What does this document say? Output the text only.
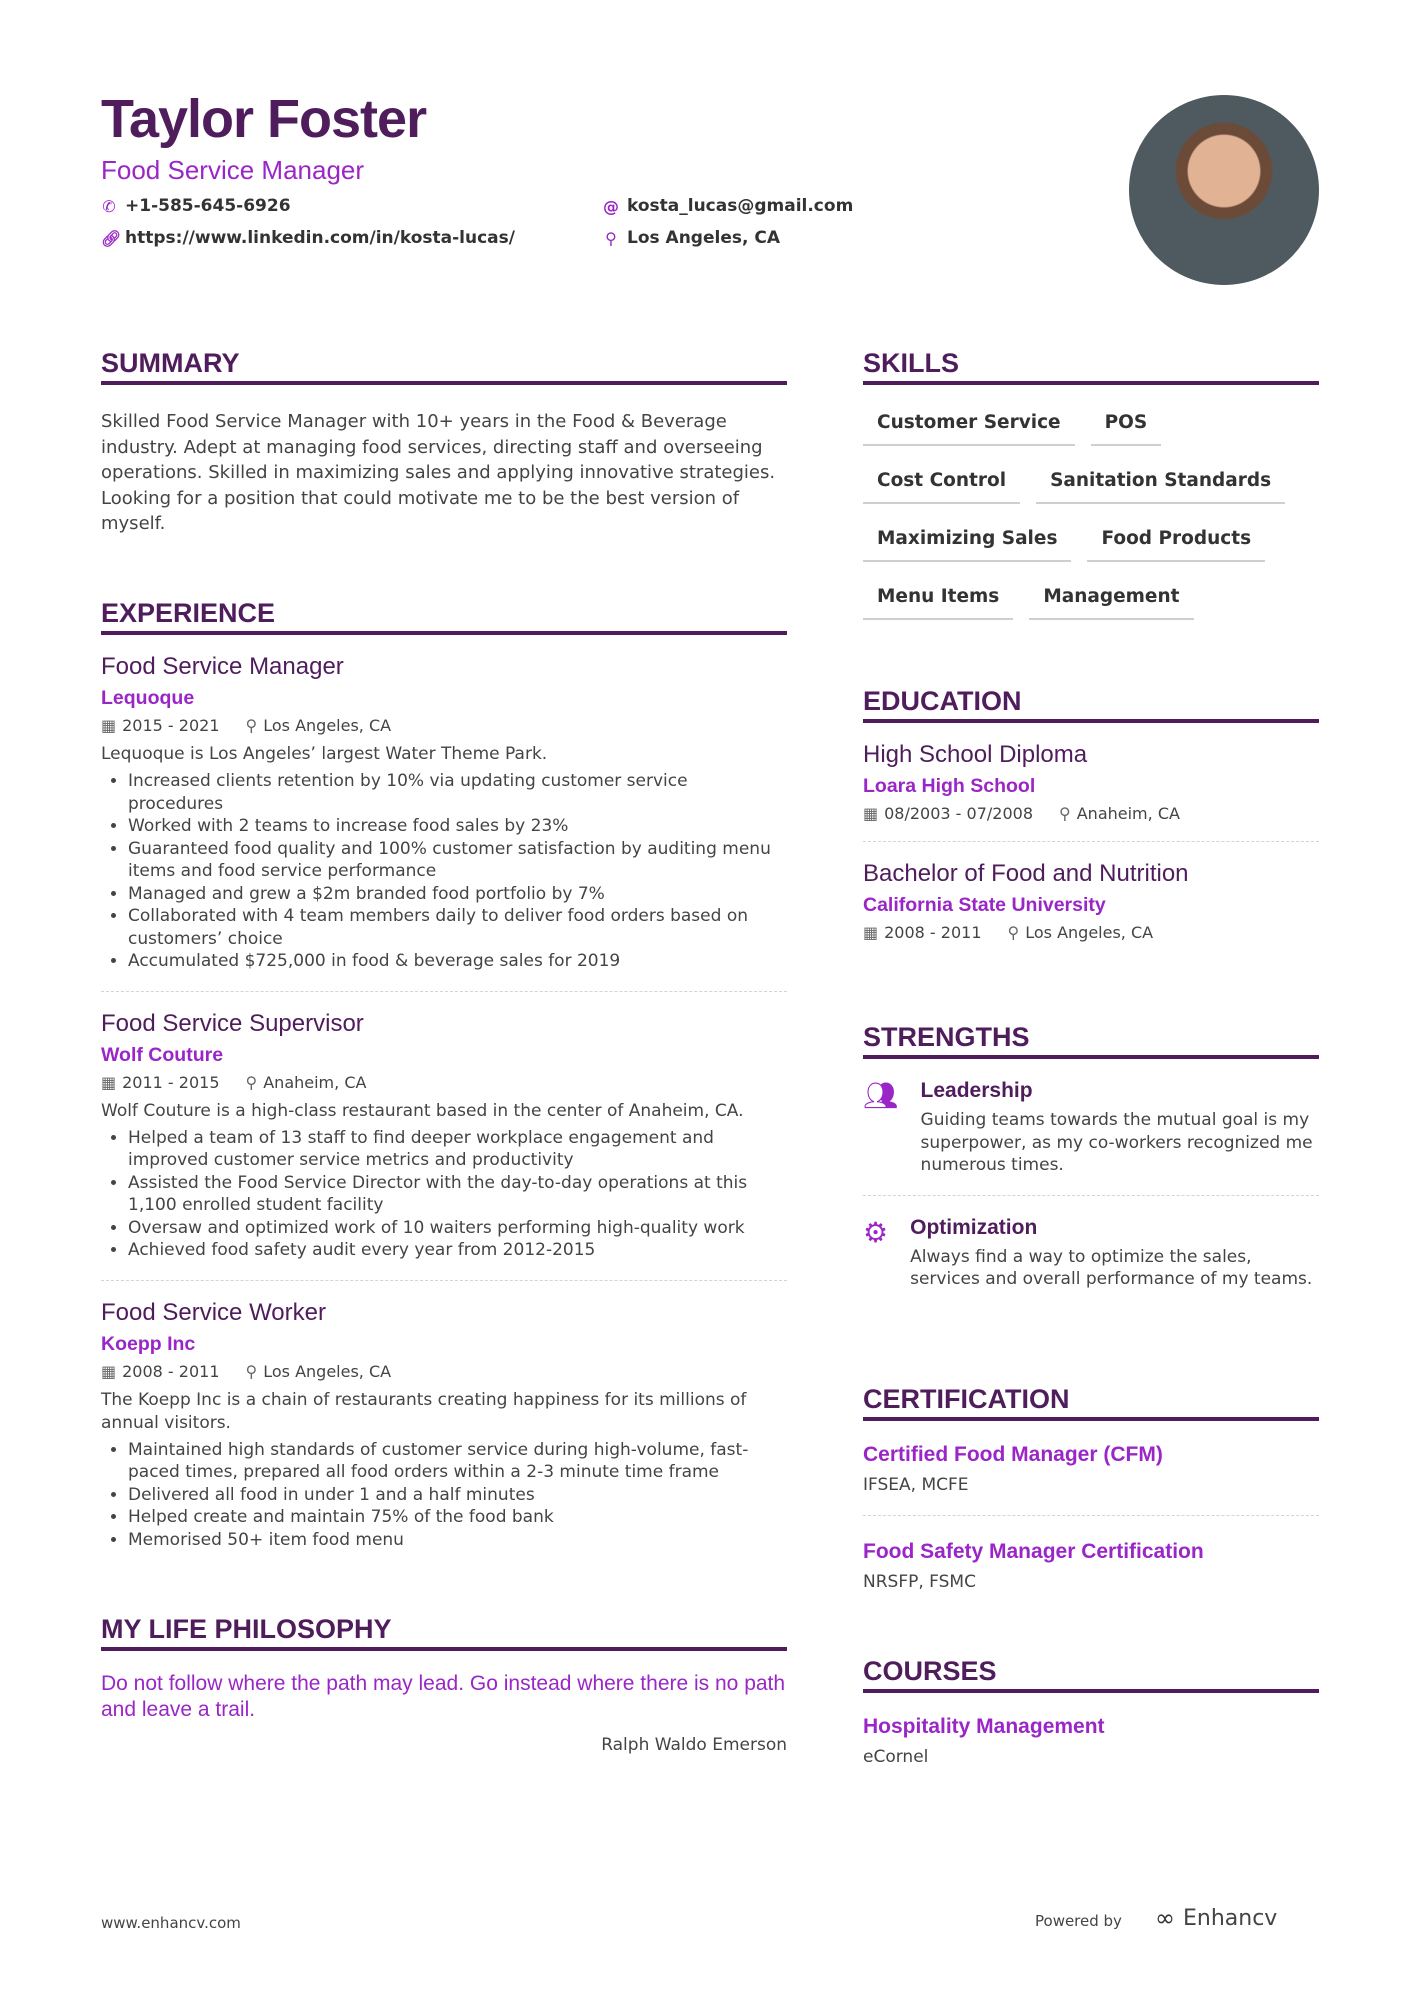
Taylor Foster
Food Service Manager
✆ +1-585-645-6926
🔗︎ https://www.linkedin.com/in/kosta-lucas/
@ kosta_lucas@gmail.com
⚲ Los Angeles, CA
SUMMARY

Skilled Food Service Manager with 10+ years in the Food & Beverage industry. Adept at managing food services, directing staff and overseeing operations. Skilled in maximizing sales and applying innovative strategies. Looking for a position that could motivate me to be the best version of myself.

EXPERIENCE
Food Service Manager
Lequoque
▦ 2015 - 2021 ⚲ Los Angeles, CA
Lequoque is Los Angeles’ largest Water Theme Park.
• Increased clients retention by 10% via updating customer service procedures
• Worked with 2 teams to increase food sales by 23%
• Guaranteed food quality and 100% customer satisfaction by auditing menu items and food service performance
• Managed and grew a $2m branded food portfolio by 7%
• Collaborated with 4 team members daily to deliver food orders based on customers’ choice
• Accumulated $725,000 in food & beverage sales for 2019
Food Service Supervisor
Wolf Couture
▦ 2011 - 2015 ⚲ Anaheim, CA
Wolf Couture is a high-class restaurant based in the center of Anaheim, CA.
• Helped a team of 13 staff to find deeper workplace engagement and improved customer service metrics and productivity
• Assisted the Food Service Director with the day-to-day operations at this 1,100 enrolled student facility
• Oversaw and optimized work of 10 waiters performing high-quality work
• Achieved food safety audit every year from 2012-2015
Food Service Worker
Koepp Inc
▦ 2008 - 2011 ⚲ Los Angeles, CA
The Koepp Inc is a chain of restaurants creating happiness for its millions of annual visitors.
• Maintained high standards of customer service during high-volume, fast-paced times, prepared all food orders within a 2-3 minute time frame
• Delivered all food in under 1 and a half minutes
• Helped create and maintain 75% of the food bank
• Memorised 50+ item food menu
MY LIFE PHILOSOPHY

Do not follow where the path may lead. Go instead where there is no path and leave a trail.

Ralph Waldo Emerson

SKILLS
Customer Service	POS
Cost Control	Sanitation Standards
Maximizing Sales	Food Products
Menu Items	Management
EDUCATION
High School Diploma
Loara High School
▦ 08/2003 - 07/2008 ⚲ Anaheim, CA
Bachelor of Food and Nutrition
California State University
▦ 2008 - 2011 ⚲ Los Angeles, CA
STRENGTHS
👥︎ Leadership

Guiding teams towards the mutual goal is my superpower, as my co-workers recognized me numerous times.

⚙ Optimization

Always find a way to optimize the sales, services and overall performance of my teams.

CERTIFICATION
Certified Food Manager (CFM)
IFSEA, MCFE
Food Safety Manager Certification
NRSFP, FSMC
COURSES
Hospitality Management
eCornel
www.enhancv.com	Powered by ∞ Enhancv
